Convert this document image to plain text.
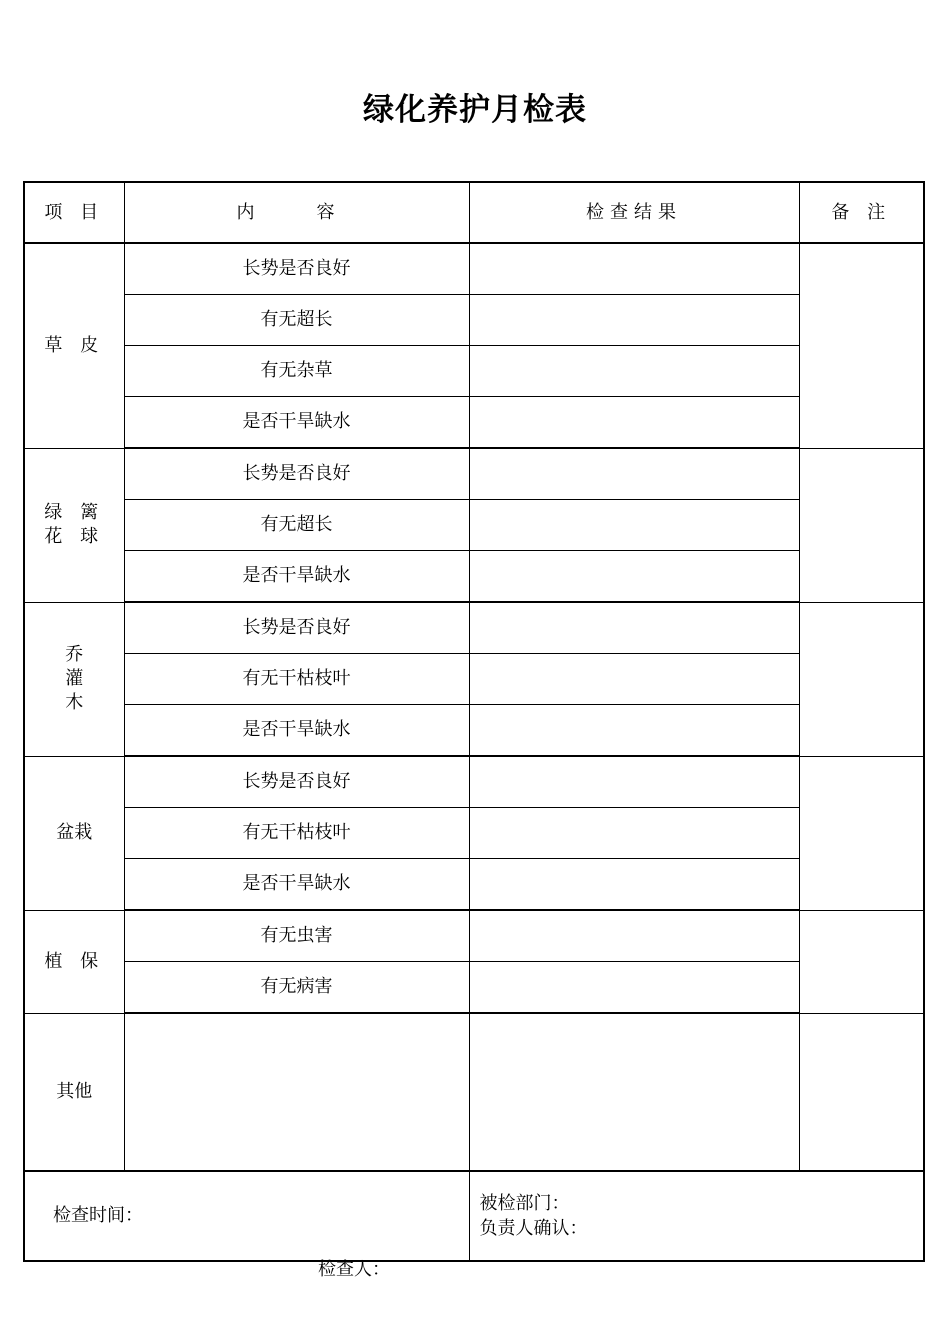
绿化养护月检表
项 目	内　容	检查结果	备 注
草 皮	长势是否良好		
	有无超长		
	有无杂草		
	是否干旱缺水		

绿 篱
花 球	长势是否良好		
	有无超长		
	是否干旱缺水		

乔
灌
木	长势是否良好		
	有无干枯枝叶		
	是否干旱缺水		
盆栽	长势是否良好		
	有无干枯枝叶		
	是否干旱缺水		
植 保	有无虫害		
	有无病害		
其他			
检查时间：		被检部门：
负责人确认：	
检查人：
